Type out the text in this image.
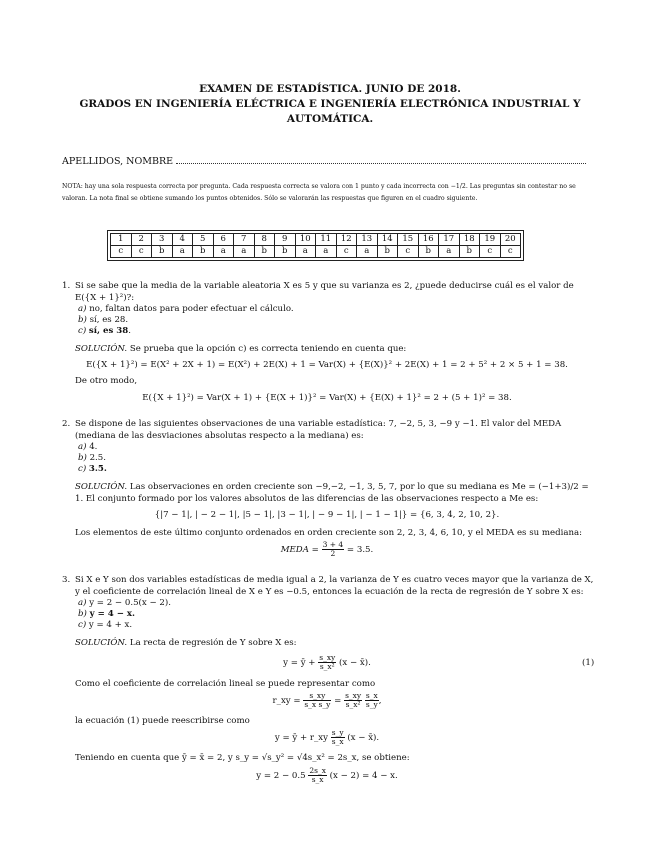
EXAMEN DE ESTADÍSTICA. JUNIO DE 2018.
GRADOS EN INGENIERÍA ELÉCTRICA E INGENIERÍA ELECTRÓNICA INDUSTRIAL Y
AUTOMÁTICA.
APELLIDOS, NOMBRE
NOTA: hay una sola respuesta correcta por pregunta. Cada respuesta correcta se valora con 1 punto y cada incorrecta con −1/2. Las preguntas sin contestar no se valoran. La nota final se obtiene sumando los puntos obtenidos. Sólo se valorarán las respuestas que figuren en el cuadro siguiente.
1	2	3	4	5	6	7	8	9	10	11	12	13	14	15	16	17	18	19	20
c	c	b	a	b	a	a	b	b	a	a	c	a	b	c	b	a	b	c	c
1. Si se sabe que la media de la variable aleatoria X es 5 y que su varianza es 2, ¿puede deducirse cuál es el valor de E({X + 1}²)?:
a) no, faltan datos para poder efectuar el cálculo.
b) sí, es 28.
c) sí, es 38.
SOLUCIÓN. Se prueba que la opción c) es correcta teniendo en cuenta que:
E({X + 1}²) = E(X² + 2X + 1) = E(X²) + 2E(X) + 1 = Var(X) + {E(X)}² + 2E(X) + 1 = 2 + 5² + 2 × 5 + 1 = 38.
De otro modo,
E({X + 1}²) = Var(X + 1) + {E(X + 1)}² = Var(X) + {E(X) + 1}² = 2 + (5 + 1)² = 38.
2. Se dispone de las siguientes observaciones de una variable estadística: 7, −2, 5, 3, −9 y −1. El valor del MEDA (mediana de las desviaciones absolutas respecto a la mediana) es:
a) 4.
b) 2.5.
c) 3.5.
SOLUCIÓN. Las observaciones en orden creciente son −9,−2, −1, 3, 5, 7, por lo que su mediana es Me = (−1+3)/2 = 1. El conjunto formado por los valores absolutos de las diferencias de las observaciones respecto a Me es:
{|7 − 1|, | − 2 − 1|, |5 − 1|, |3 − 1|, | − 9 − 1|, | − 1 − 1|} = {6, 3, 4, 2, 10, 2}.
Los elementos de este último conjunto ordenados en orden creciente son 2, 2, 3, 4, 6, 10, y el MEDA es su mediana:
MEDA = $\frac{3 + 4}{2} = 3.5$.
3. Si X e Y son dos variables estadísticas de media igual a 2, la varianza de Y es cuatro veces mayor que la varianza de X, y el coeficiente de correlación lineal de X e Y es −0.5, entonces la ecuación de la recta de regresión de Y sobre X es:
a) y = 2 − 0.5(x − 2).
b) y = 4 − x.
c) y = 4 + x.
SOLUCIÓN. La recta de regresión de Y sobre X es:
y = ȳ + $\frac{s\_xy}{\text{s\_x²}} (x$ − x̄).	(1)
Como el coeficiente de correlación lineal se puede representar como
r_xy = $\frac{s\_xy}{\text{s\_x s\_y}} = \frac{s\_xy}{\text{s\_x²}}$
$\frac{s\_x}{s\_y}$ ,
la ecuación (1) puede reescribirse como
y = ȳ + r_xy $\frac{s\_y}{s\_x} (x$ − x̄).
Teniendo en cuenta que ȳ = x̄ = 2, y s_y = √s_y² = √4s_x² = 2s_x, se obtiene:
$y = 2 - 0.5 \frac{2s\_x}{s\_x} (x - 2) = 4 - x$.
